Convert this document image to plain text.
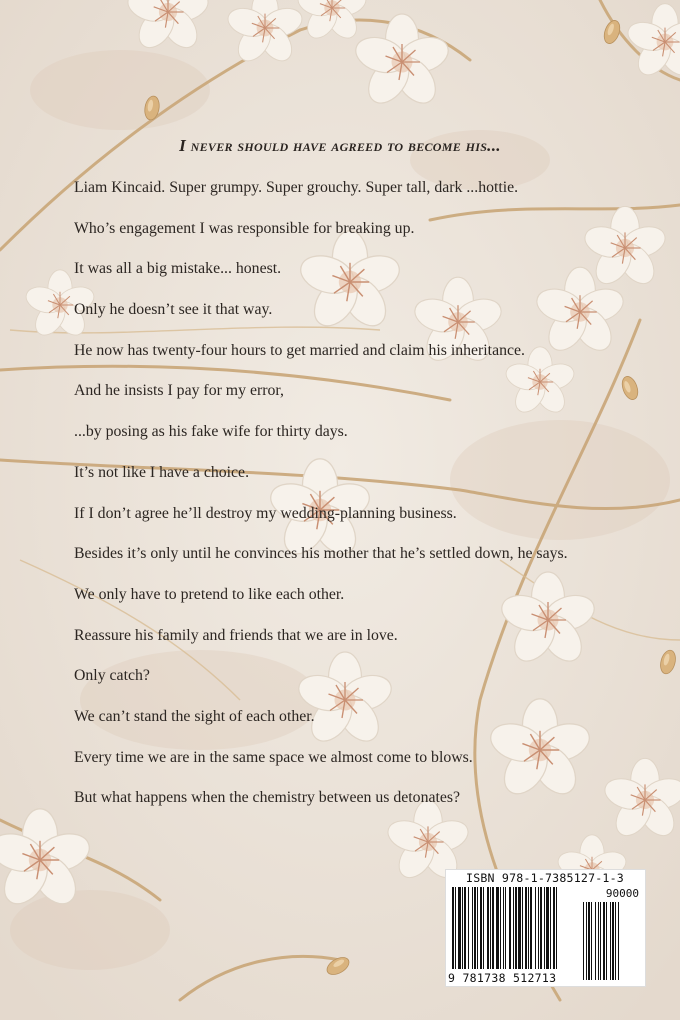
I never should have agreed to become his...

Liam Kincaid. Super grumpy. Super grouchy. Super tall, dark ...hottie.

Who’s engagement I was responsible for breaking up.

It was all a big mistake... honest.

Only he doesn’t see it that way.

He now has twenty-four hours to get married and claim his inheritance.

And he insists I pay for my error,

...by posing as his fake wife for thirty days.

It’s not like I have a choice.

If I don’t agree he’ll destroy my wedding-planning business.

Besides it’s only until he convinces his mother that he’s settled down, he says.

We only have to pretend to like each other.

Reassure his family and friends that we are in love.

Only catch?

We can’t stand the sight of each other.

Every time we are in the same space we almost come to blows.

But what happens when the chemistry between us detonates?

ISBN 978-1-7385127-1-3
90000
9 781738 512713
